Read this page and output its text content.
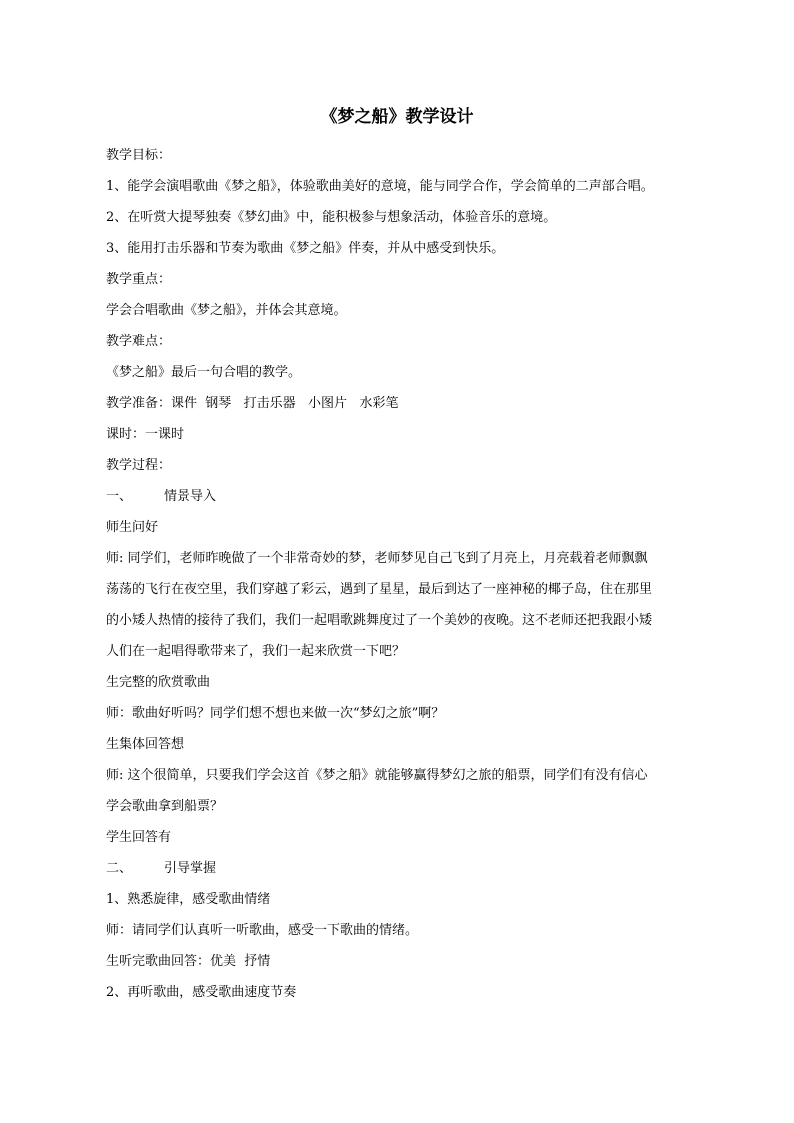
《梦之船》教学设计
教学目标：
1、能学会演唱歌曲《梦之船》，体验歌曲美好的意境，能与同学合作，学会简单的二声部合唱。
2、在听赏大提琴独奏《梦幻曲》中，能积极参与想象活动，体验音乐的意境。
3、能用打击乐器和节奏为歌曲《梦之船》伴奏，并从中感受到快乐。
教学重点：
学会合唱歌曲《梦之船》，并体会其意境。
教学难点：
《梦之船》最后一句合唱的教学。
教学准备：课件  钢琴   打击乐器   小图片   水彩笔
课时：一课时
教学过程：
一、 情景导入
师生问好
师: 同学们，老师昨晚做了一个非常奇妙的梦，老师梦见自己飞到了月亮上，月亮载着老师飘飘
荡荡的飞行在夜空里，我们穿越了彩云，遇到了星星，最后到达了一座神秘的椰子岛，住在那里
的小矮人热情的接待了我们，我们一起唱歌跳舞度过了一个美妙的夜晚。这不老师还把我跟小矮
人们在一起唱得歌带来了，我们一起来欣赏一下吧？
生完整的欣赏歌曲
师：歌曲好听吗？同学们想不想也来做一次“梦幻之旅”啊？
生集体回答想
师: 这个很简单，只要我们学会这首《梦之船》就能够赢得梦幻之旅的船票，同学们有没有信心
学会歌曲拿到船票？
学生回答有
二、 引导掌握
1、熟悉旋律，感受歌曲情绪
师：请同学们认真听一听歌曲，感受一下歌曲的情绪。
生听完歌曲回答：优美  抒情
2、再听歌曲，感受歌曲速度节奏
